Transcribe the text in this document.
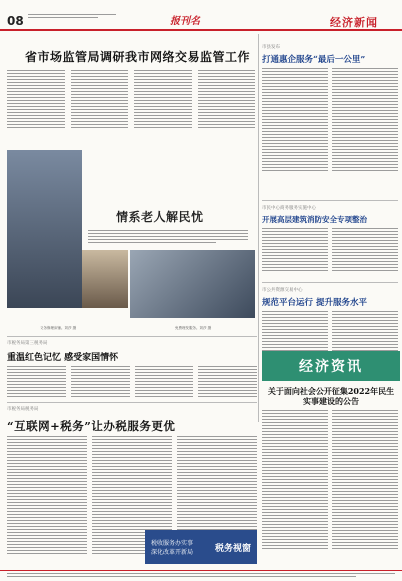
08	报刊名	经济新闻
省市场监管局调研我市网络交易监管工作
情系老人解民忧
义务修理床铺。刘莎 摄	免费理发服务。刘莎 摄
市县发布
打通惠企服务“最后一公里”
市民中心商务服务实施中心
开展高层建筑消防安全专项整治
市公共资源交易中心
规范平台运行 提升服务水平
经济资讯
市税务局第三税务局
重温红色记忆 感受家国情怀
市税务局税务局
“互联网+税务”让办税服务更优
税收服务办实事
深化改革开新局	税务视窗
关于面向社会公开征集2022年民生实事建设的公告
